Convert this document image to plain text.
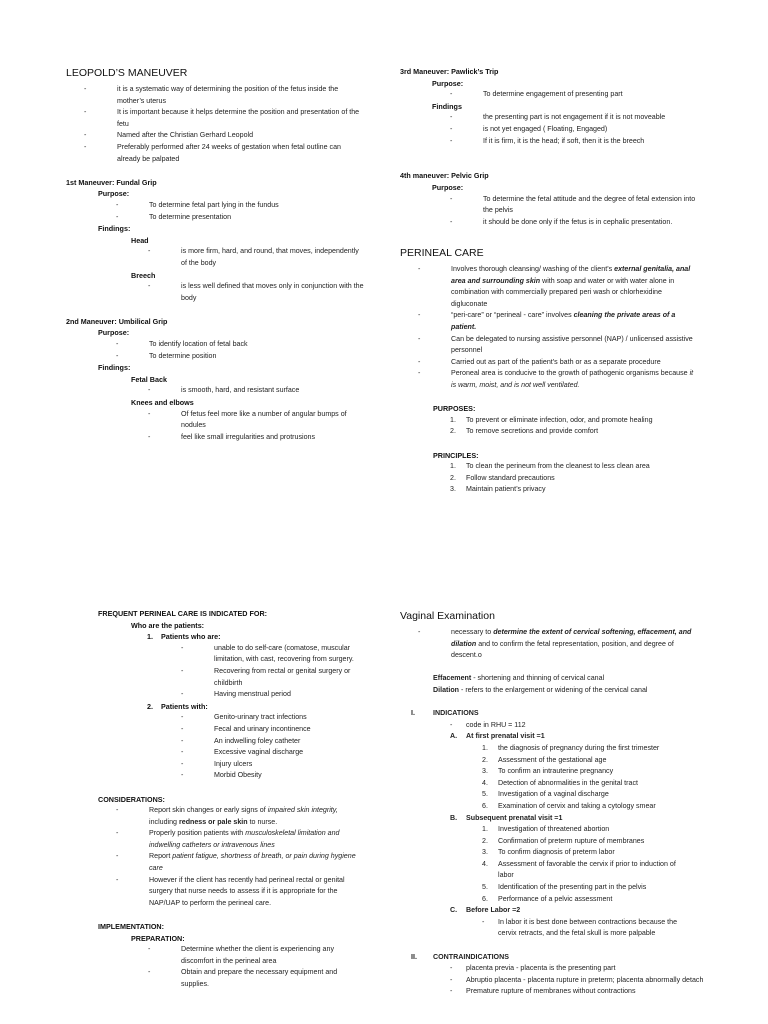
LEOPOLD’S MANEUVER
- it is a systematic way of determining the position of the fetus inside the mother’s uterus
- It is important because it helps determine the position and presentation of the fetu
- Named after the Christian Gerhard Leopold
- Preferably performed after 24 weeks of gestation when fetal outline can already be palpated
1st Maneuver: Fundal Grip
Purpose:
- To determine fetal part lying in the fundus
- To determine presentation
Findings:
Head
- is more firm, hard, and round, that moves, independently of the body
Breech
- is less well defined that moves only in conjunction with the body
2nd Maneuver: Umbilical Grip
Purpose:
- To identify location of fetal back
- To determine position
Findings:
Fetal Back
- is smooth, hard, and resistant surface
Knees and elbows
- Of fetus feel more like a number of angular bumps of nodules
- feel like small irregularities and protrusions
3rd Maneuver: Pawlick’s Trip
Purpose:
- To determine engagement of presenting part
Findings
- the presenting part is not engagement if it is not moveable
- is not yet engaged ( Floating, Engaged)
- If it is firm, it is the head; if soft, then it is the breech
4th maneuver: Pelvic Grip
Purpose:
- To determine the fetal attitude and the degree of fetal extension into the pelvis
- it should be done only if the fetus is in cephalic presentation.
PERINEAL CARE
- Involves thorough cleansing/ washing of the client’s external genitalia, anal area and surrounding skin with soap and water or with water alone in combination with commercially prepared peri wash or chlorhexidine digluconate
- “peri-care” or “perineal - care” involves cleaning the private areas of a patient.
- Can be delegated to nursing assistive personnel (NAP) / unlicensed assistive personnel
- Carried out as part of the patient’s bath or as a separate procedure
- Peroneal area is conducive to the growth of pathogenic organisms because it is warm, moist, and is not well ventilated.
PURPOSES:
1. To prevent or eliminate infection, odor, and promote healing
2. To remove secretions and provide comfort
PRINCIPLES:
1. To clean the perineum from the cleanest to less clean area
2. Follow standard precautions
3. Maintain patient’s privacy
FREQUENT PERINEAL CARE IS INDICATED FOR:
Who are the patients:
1. Patients who are:
- unable to do self-care (comatose, muscular limitation, with cast, recovering from surgery.
- Recovering from rectal or genital surgery or childbirth
- Having menstrual period
2. Patients with:
- Genito-urinary tract infections
- Fecal and urinary incontinence
- An indwelling foley catheter
- Excessive vaginal discharge
- Injury ulcers
- Morbid Obesity
CONSIDERATIONS:
- Report skin changes or early signs of impaired skin integrity, including redness or pale skin to nurse.
- Properly position patients with musculoskeletal limitation and indwelling catheters or intravenous lines
- Report patient fatigue, shortness of breath, or pain during hygiene care
- However if the client has recently had perineal rectal or genital surgery that nurse needs to assess if it is appropriate for the NAP/UAP to perform the perineal care.
IMPLEMENTATION:
PREPARATION:
- Determine whether the client is experiencing any discomfort in the perineal area
- Obtain and prepare the necessary equipment and supplies.
Vaginal Examination
- necessary to determine the extent of cervical softening, effacement, and dilation and to confirm the fetal representation, position, and degree of descent.o

Effacement - shortening and thinning of cervical canal

Dilation - refers to the enlargement or widening of the cervical canal

I.	INDICATIONS
- code in RHU = 112
A. At first prenatal visit =1
1. the diagnosis of pregnancy during the first trimester
2. Assessment of the gestational age
3. To confirm an intrauterine pregnancy
4. Detection of abnormalities in the genital tract
5. Investigation of a vaginal discharge
6. Examination of cervix and taking a cytology smear
B. Subsequent prenatal visit =1
1. Investigation of threatened abortion
2. Confirmation of preterm rupture of membranes
3. To confirm diagnosis of preterm labor
4. Assessment of favorable the cervix if prior to induction of labor
5. Identification of the presenting part in the pelvis
6. Performance of a pelvic assessment
C. Before Labor =2
- In labor it is best done between contractions because the cervix retracts, and the fetal skull is more palpable
II. CONTRAINDICATIONS
- placenta previa - placenta is the presenting part
- Abruptio placenta - placenta rupture in preterm; placenta abnormally detach
- Premature rupture of membranes without contractions
